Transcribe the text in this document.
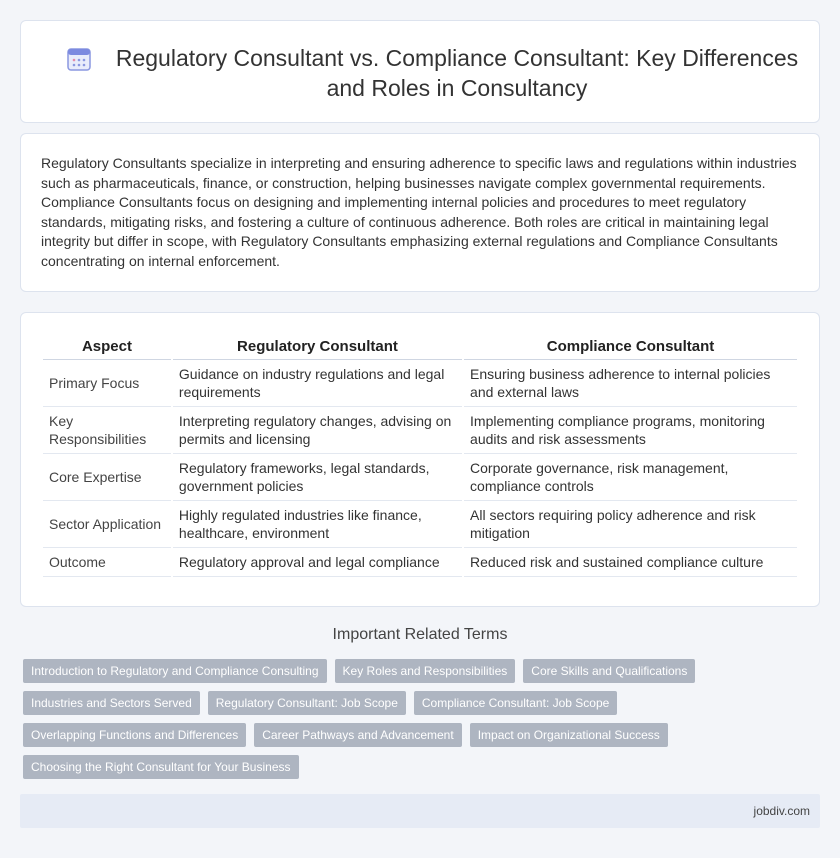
Regulatory Consultant vs. Compliance Consultant: Key Differences and Roles in Consultancy

Regulatory Consultants specialize in interpreting and ensuring adherence to specific laws and regulations within industries such as pharmaceuticals, finance, or construction, helping businesses navigate complex governmental requirements. Compliance Consultants focus on designing and implementing internal policies and procedures to meet regulatory standards, mitigating risks, and fostering a culture of continuous adherence. Both roles are critical in maintaining legal integrity but differ in scope, with Regulatory Consultants emphasizing external regulations and Compliance Consultants concentrating on internal enforcement.

Aspect	Regulatory Consultant	Compliance Consultant
Primary Focus	Guidance on industry regulations and legal requirements	Ensuring business adherence to internal policies and external laws
Key Responsibilities	Interpreting regulatory changes, advising on permits and licensing	Implementing compliance programs, monitoring audits and risk assessments
Core Expertise	Regulatory frameworks, legal standards, government policies	Corporate governance, risk management, compliance controls
Sector Application	Highly regulated industries like finance, healthcare, environment	All sectors requiring policy adherence and risk mitigation
Outcome	Regulatory approval and legal compliance	Reduced risk and sustained compliance culture
Important Related Terms
Introduction to Regulatory and Compliance Consulting	Key Roles and Responsibilities	Core Skills and Qualifications
Industries and Sectors Served	Regulatory Consultant: Job Scope	Compliance Consultant: Job Scope
Overlapping Functions and Differences	Career Pathways and Advancement	Impact on Organizational Success
Choosing the Right Consultant for Your Business
jobdiv.com
